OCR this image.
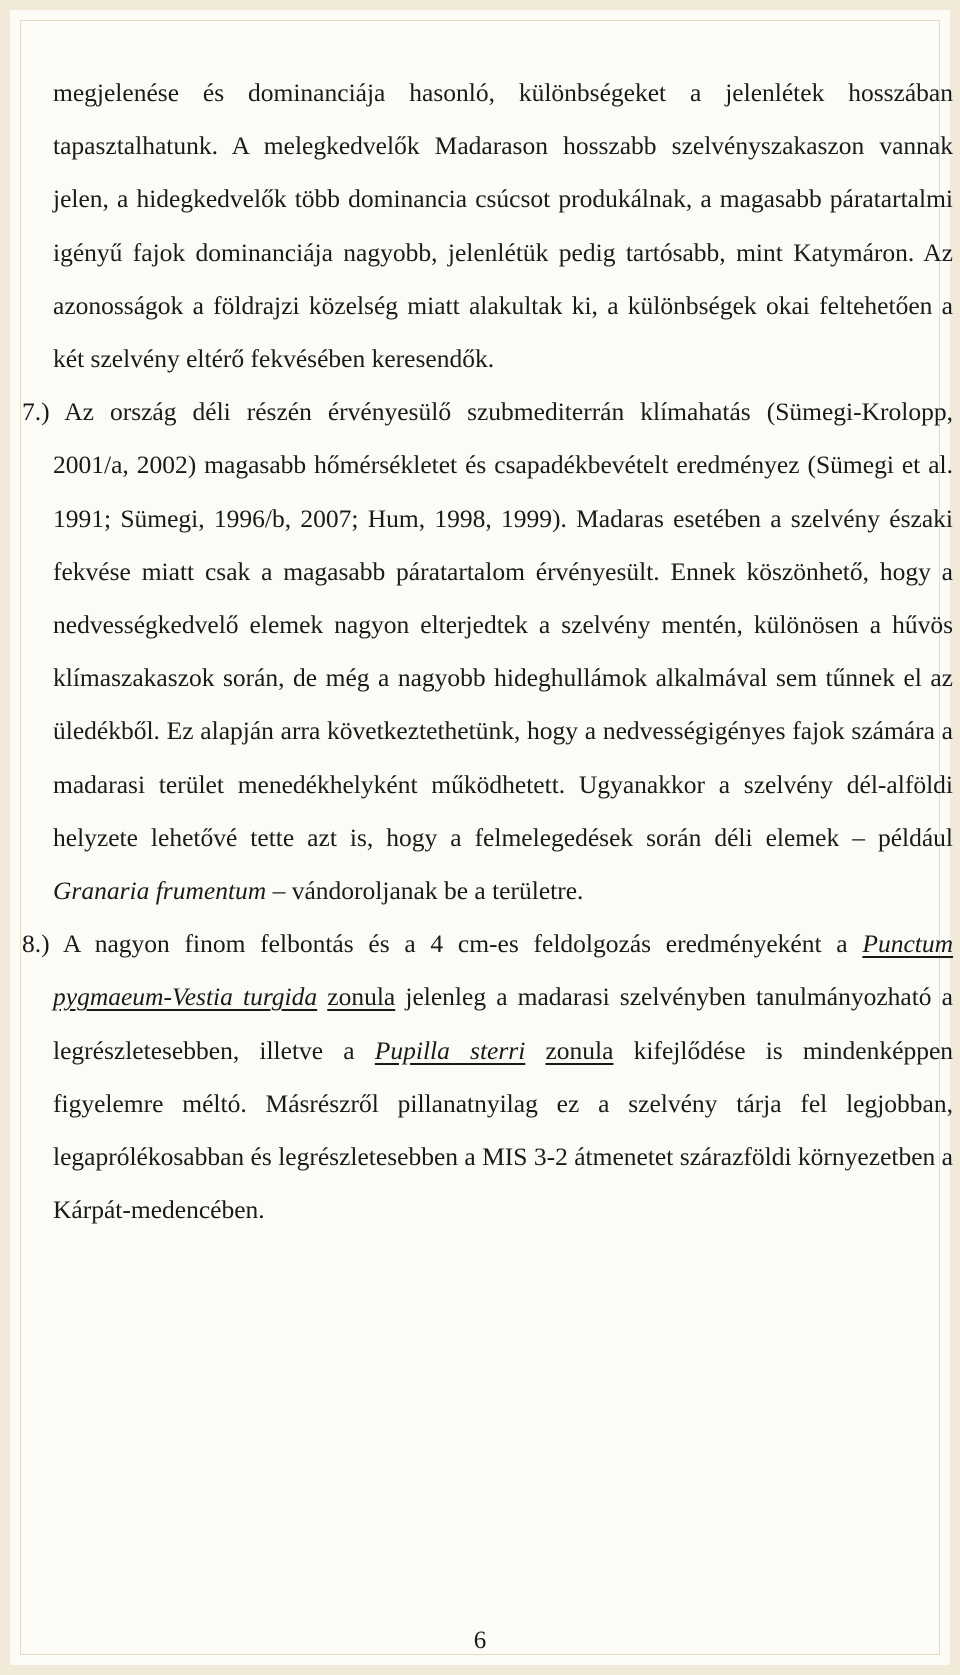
megjelenése és dominanciája hasonló, különbségeket a jelenlétek hosszában tapasztalhatunk. A melegkedvelők Madarason hosszabb szelvényszakaszon vannak jelen, a hidegkedvelők több dominancia csúcsot produkálnak, a magasabb páratartalmi igényű fajok dominanciája nagyobb, jelenlétük pedig tartósabb, mint Katymáron. Az azonosságok a földrajzi közelség miatt alakultak ki, a különbségek okai feltehetően a két szelvény eltérő fekvésében keresendők.

7.) Az ország déli részén érvényesülő szubmediterrán klímahatás (Sümegi-Krolopp, 2001/a, 2002) magasabb hőmérsékletet és csapadékbevételt eredményez (Sümegi et al. 1991; Sümegi, 1996/b, 2007; Hum, 1998, 1999). Madaras esetében a szelvény északi fekvése miatt csak a magasabb páratartalom érvényesült. Ennek köszönhető, hogy a nedvességkedvelő elemek nagyon elterjedtek a szelvény mentén, különösen a hűvös klímaszakaszok során, de még a nagyobb hideghullámok alkalmával sem tűnnek el az üledékből. Ez alapján arra következtethetünk, hogy a nedvességigényes fajok számára a madarasi terület menedékhelyként működhetett. Ugyanakkor a szelvény dél-alföldi helyzete lehetővé tette azt is, hogy a felmelegedések során déli elemek – például Granaria frumentum – vándoroljanak be a területre.

8.) A nagyon finom felbontás és a 4 cm-es feldolgozás eredményeként a Punctum pygmaeum-Vestia turgida zonula jelenleg a madarasi szelvényben tanulmányozható a legrészletesebben, illetve a Pupilla sterri zonula kifejlődése is mindenképpen figyelemre méltó. Másrészről pillanatnyilag ez a szelvény tárja fel legjobban, legaprólékosabban és legrészletesebben a MIS 3-2 átmenetet szárazföldi környezetben a Kárpát-medencében.

6
